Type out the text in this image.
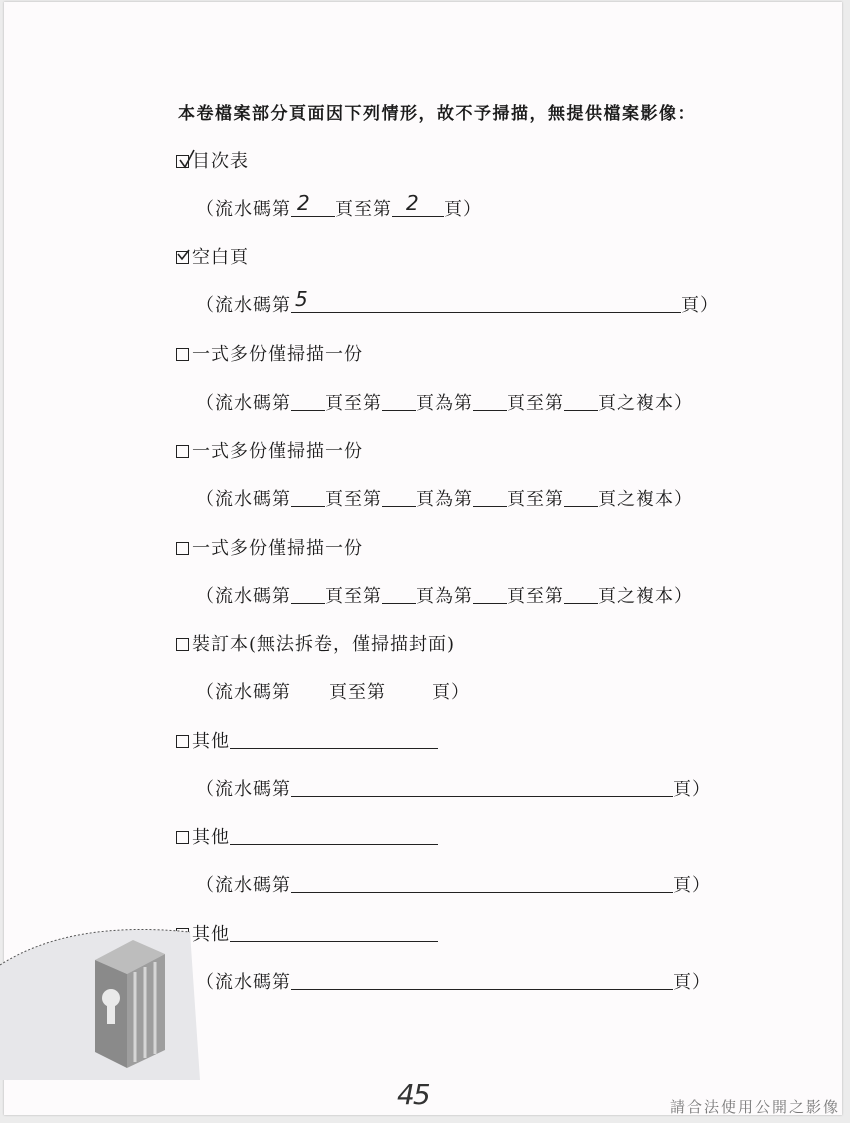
本卷檔案部分頁面因下列情形，故不予掃描，無提供檔案影像：
目次表
（流水碼第 2 頁至第 2 頁）
空白頁
（流水碼第 5	頁）
一式多份僅掃描一份
（流水碼第 頁至第 頁為第 頁至第 頁之複本）
一式多份僅掃描一份
（流水碼第 頁至第 頁為第 頁至第 頁之複本）
一式多份僅掃描一份
（流水碼第 頁至第 頁為第 頁至第 頁之複本）
裝訂本(無法拆卷，僅掃描封面)
（流水碼第 頁至第	頁）
其他
（流水碼第	頁）
其他
（流水碼第	頁）
其他
（流水碼第	頁）
45	請合法使用公開之影像
